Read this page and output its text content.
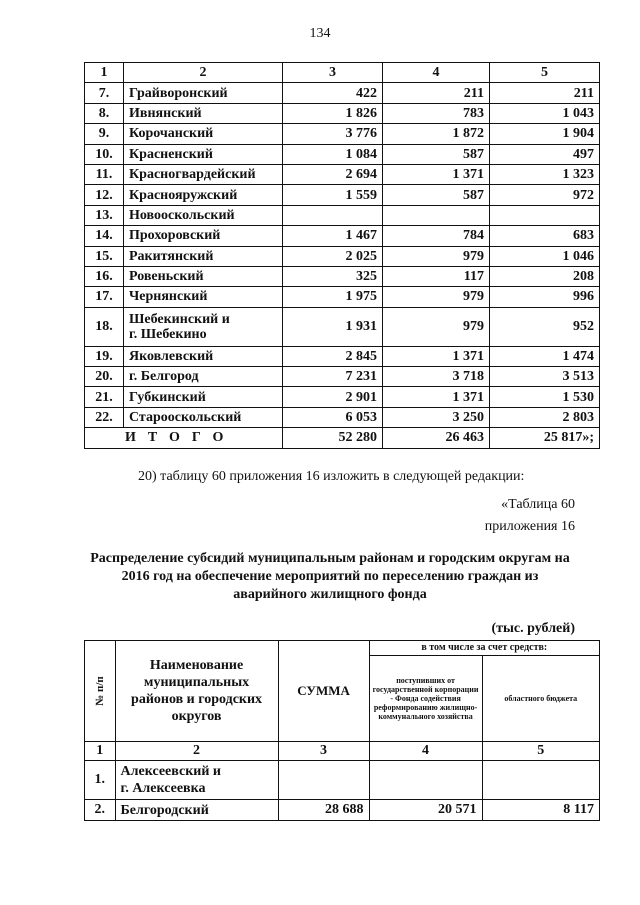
134
1	2	3	4	5
7.	Грайворонский	422	211	211
8.	Ивнянский	1 826	783	1 043
9.	Корочанский	3 776	1 872	1 904
10.	Красненский	1 084	587	497
11.	Красногвардейский	2 694	1 371	1 323
12.	Краснояружский	1 559	587	972
13.	Новооскольский			
14.	Прохоровский	1 467	784	683
15.	Ракитянский	2 025	979	1 046
16.	Ровеньский	325	117	208
17.	Чернянский	1 975	979	996
18.	Шебекинский и
г. Шебекино	1 931	979	952
19.	Яковлевский	2 845	1 371	1 474
20.	г. Белгород	7 231	3 718	3 513
21.	Губкинский	2 901	1 371	1 530
22.	Старооскольский	6 053	3 250	2 803
ИТОГО		52 280	26 463	25 817»;
20) таблицу 60 приложения 16 изложить в следующей редакции:
«Таблица 60
приложения 16
Распределение субсидий муниципальным районам и городским округам на 2016 год на обеспечение мероприятий по переселению граждан из аварийного жилищного фонда
(тыс. рублей)
№ п/п	Наименование муниципальных районов и городских округов	СУММА	в том числе за счет средств:	
			поступивших от государственной корпорации - Фонда содействия реформированию жилищно-коммунального хозяйства	областного бюджета
1	2	3	4	5
1.	Алексеевский и
г. Алексеевка			
2.	Белгородский	28 688	20 571	8 117
